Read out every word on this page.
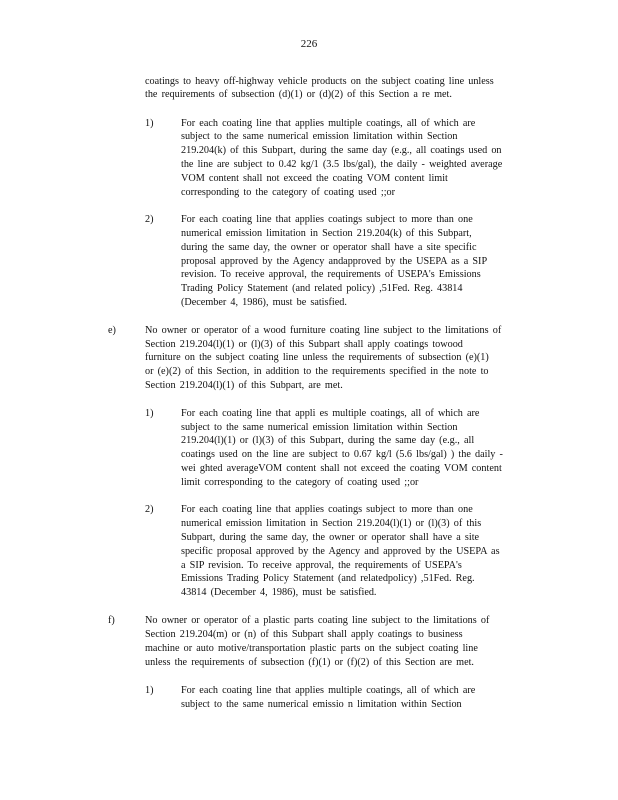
226
coatings to heavy off-highway vehicle products on the subject coating line unless
the requirements of subsection (d)(1) or (d)(2) of this Section a re met.
1)	For each coating line that applies multiple coatings, all of which are
subject to the same numerical emission limitation within Section
219.204(k) of this Subpart, during the same day (e.g., all coatings used on
the line are subject to 0.42 kg/1 (3.5 lbs/gal), the daily - weighted average
VOM content shall not exceed the coating VOM content limit
corresponding to the category of coating used ;;or
2)	For each coating line that applies coatings subject to more than one
numerical emission limitation in Section 219.204(k) of this Subpart,
during the same day, the owner or operator shall have a site specific
proposal approved by the Agency andapproved by the USEPA as a SIP
revision. To receive approval, the requirements of USEPA's Emissions
Trading Policy Statement (and related policy) ,51Fed. Reg. 43814
(December 4, 1986), must be satisfied.
e)	No owner or operator of a wood furniture coating line subject to the limitations of
Section 219.204(l)(1) or (l)(3) of this Subpart shall apply coatings towood
furniture on the subject coating line unless the requirements of subsection (e)(1)
or (e)(2) of this Section, in addition to the requirements specified in the note to
Section 219.204(l)(1) of this Subpart, are met.
1)	For each coating line that appli es multiple coatings, all of which are
subject to the same numerical emission limitation within Section
219.204(l)(1) or (l)(3) of this Subpart, during the same day (e.g., all
coatings used on the line are subject to 0.67 kg/l (5.6 lbs/gal) ) the daily -
wei ghted averageVOM content shall not exceed the coating VOM content
limit corresponding to the category of coating used ;;or
2)	For each coating line that applies coatings subject to more than one
numerical emission limitation in Section 219.204(l)(1) or (l)(3) of this
Subpart, during the same day, the owner or operator shall have a site
specific proposal approved by the Agency and approved by the USEPA as
a SIP revision. To receive approval, the requirements of USEPA's
Emissions Trading Policy Statement (and relatedpolicy) ,51Fed. Reg.
43814 (December 4, 1986), must be satisfied.
f)	No owner or operator of a plastic parts coating line subject to the limitations of
Section 219.204(m) or (n) of this Subpart shall apply coatings to business
machine or auto motive/transportation plastic parts on the subject coating line
unless the requirements of subsection (f)(1) or (f)(2) of this Section are met.
1)	For each coating line that applies multiple coatings, all of which are
subject to the same numerical emissio n limitation within Section
